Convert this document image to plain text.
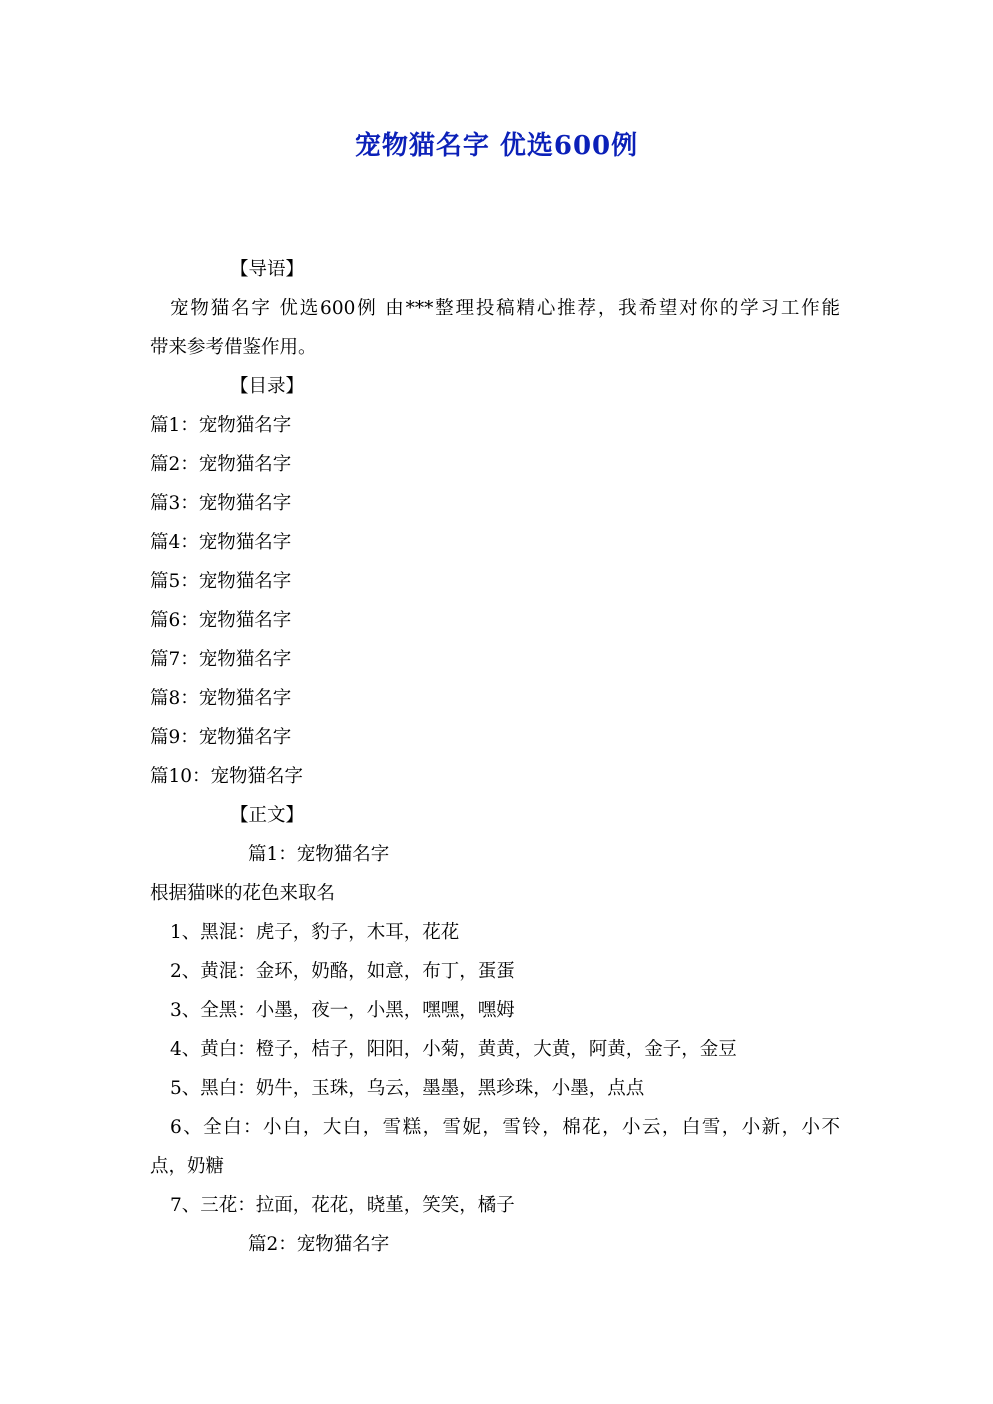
宠物猫名字 优选600例
【导语】
宠物猫名字 优选600例 由***整理投稿精心推荐，我希望对你的学习工作能
带来参考借鉴作用。
【目录】
篇1：宠物猫名字
篇2：宠物猫名字
篇3：宠物猫名字
篇4：宠物猫名字
篇5：宠物猫名字
篇6：宠物猫名字
篇7：宠物猫名字
篇8：宠物猫名字
篇9：宠物猫名字
篇10：宠物猫名字
【正文】
篇1：宠物猫名字
根据猫咪的花色来取名
1、黑混：虎子，豹子，木耳，花花
2、黄混：金环，奶酪，如意，布丁，蛋蛋
3、全黑：小墨，夜一，小黑，嘿嘿，嘿姆
4、黄白：橙子，桔子，阳阳，小菊，黄黄，大黄，阿黄，金子，金豆
5、黑白：奶牛，玉珠，乌云，墨墨，黑珍珠，小墨，点点
6、全白：小白，大白，雪糕，雪妮，雪铃，棉花，小云，白雪，小新，小不
点，奶糖
7、三花：拉面，花花，晓堇，笑笑，橘子
篇2：宠物猫名字
